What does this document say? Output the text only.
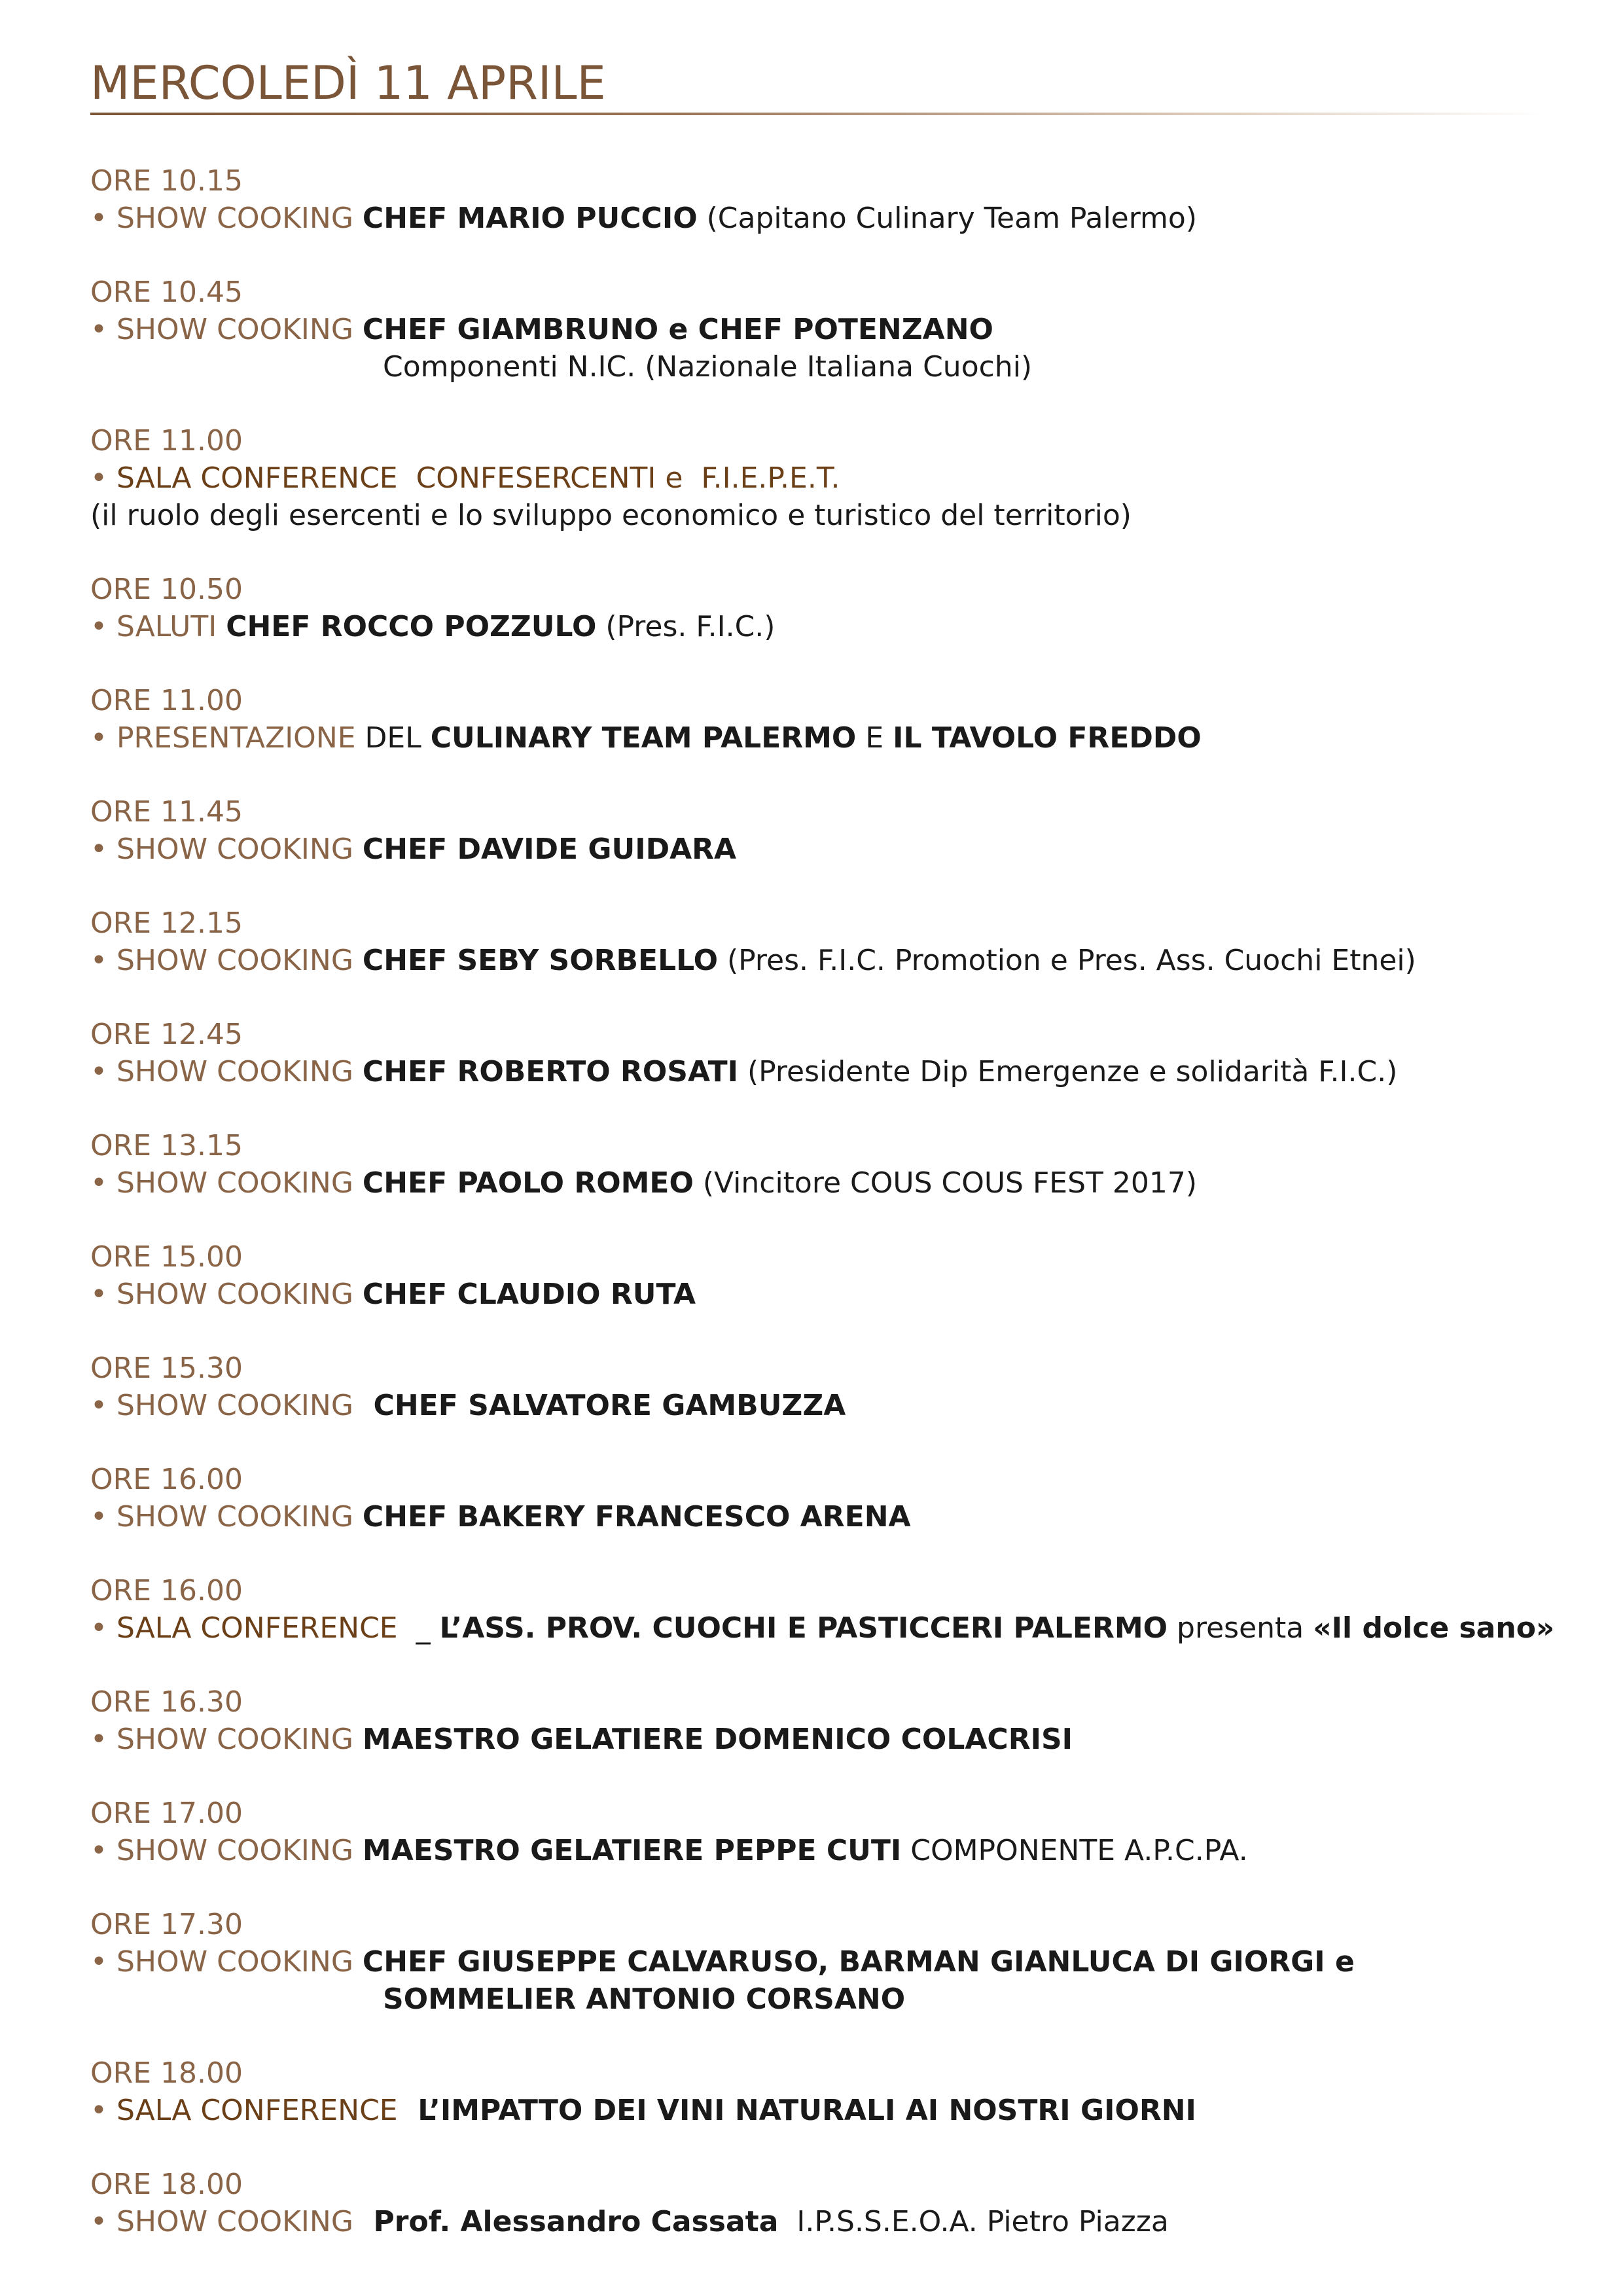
MERCOLEDÌ 11 APRILE
ORE 10.15
• SHOW COOKING CHEF MARIO PUCCIO (Capitano Culinary Team Palermo)
ORE 10.45
• SHOW COOKING CHEF GIAMBRUNO e CHEF POTENZANO
Componenti N.IC. (Nazionale Italiana Cuochi)
ORE 11.00
• SALA CONFERENCE  CONFESERCENTI e  F.I.E.P.E.T.
(il ruolo degli esercenti e lo sviluppo economico e turistico del territorio)
ORE 10.50
• SALUTI CHEF ROCCO POZZULO (Pres. F.I.C.)
ORE 11.00
• PRESENTAZIONE DEL CULINARY TEAM PALERMO E IL TAVOLO FREDDO
ORE 11.45
• SHOW COOKING CHEF DAVIDE GUIDARA
ORE 12.15
• SHOW COOKING CHEF SEBY SORBELLO (Pres. F.I.C. Promotion e Pres. Ass. Cuochi Etnei)
ORE 12.45
• SHOW COOKING CHEF ROBERTO ROSATI (Presidente Dip Emergenze e solidarità F.I.C.)
ORE 13.15
• SHOW COOKING CHEF PAOLO ROMEO (Vincitore COUS COUS FEST 2017)
ORE 15.00
• SHOW COOKING CHEF CLAUDIO RUTA
ORE 15.30
• SHOW COOKING  CHEF SALVATORE GAMBUZZA
ORE 16.00
• SHOW COOKING CHEF BAKERY FRANCESCO ARENA
ORE 16.00
• SALA CONFERENCE  _ L’ASS. PROV. CUOCHI E PASTICCERI PALERMO presenta «Il dolce sano»
ORE 16.30
• SHOW COOKING MAESTRO GELATIERE DOMENICO COLACRISI
ORE 17.00
• SHOW COOKING MAESTRO GELATIERE PEPPE CUTI COMPONENTE A.P.C.PA.
ORE 17.30
• SHOW COOKING CHEF GIUSEPPE CALVARUSO, BARMAN GIANLUCA DI GIORGI e
SOMMELIER ANTONIO CORSANO
ORE 18.00
• SALA CONFERENCE  L’IMPATTO DEI VINI NATURALI AI NOSTRI GIORNI
ORE 18.00
• SHOW COOKING  Prof. Alessandro Cassata  I.P.S.S.E.O.A. Pietro Piazza
